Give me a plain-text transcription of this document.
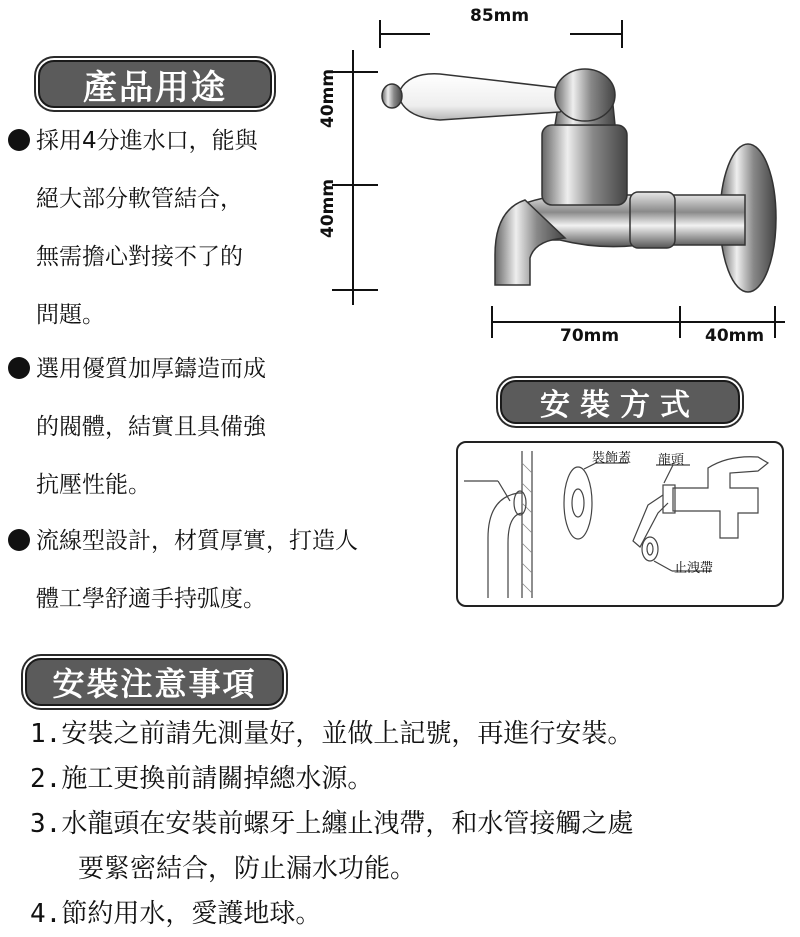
產品用途
採用4分進水口，能與
絕大部分軟管結合，
無需擔心對接不了的
問題。
選用優質加厚鑄造而成
的閥體，結實且具備強
抗壓性能。
流線型設計，材質厚實，打造人
體工學舒適手持弧度。
85mm
40mm
40mm
70mm	40mm
安裝方式
裝飾蓋 龍頭
止洩帶
安裝注意事項
1.安裝之前請先測量好，並做上記號，再進行安裝。
2.施工更換前請關掉總水源。
3.水龍頭在安裝前螺牙上纏止洩帶，和水管接觸之處
要緊密結合，防止漏水功能。
4.節約用水，愛護地球。
